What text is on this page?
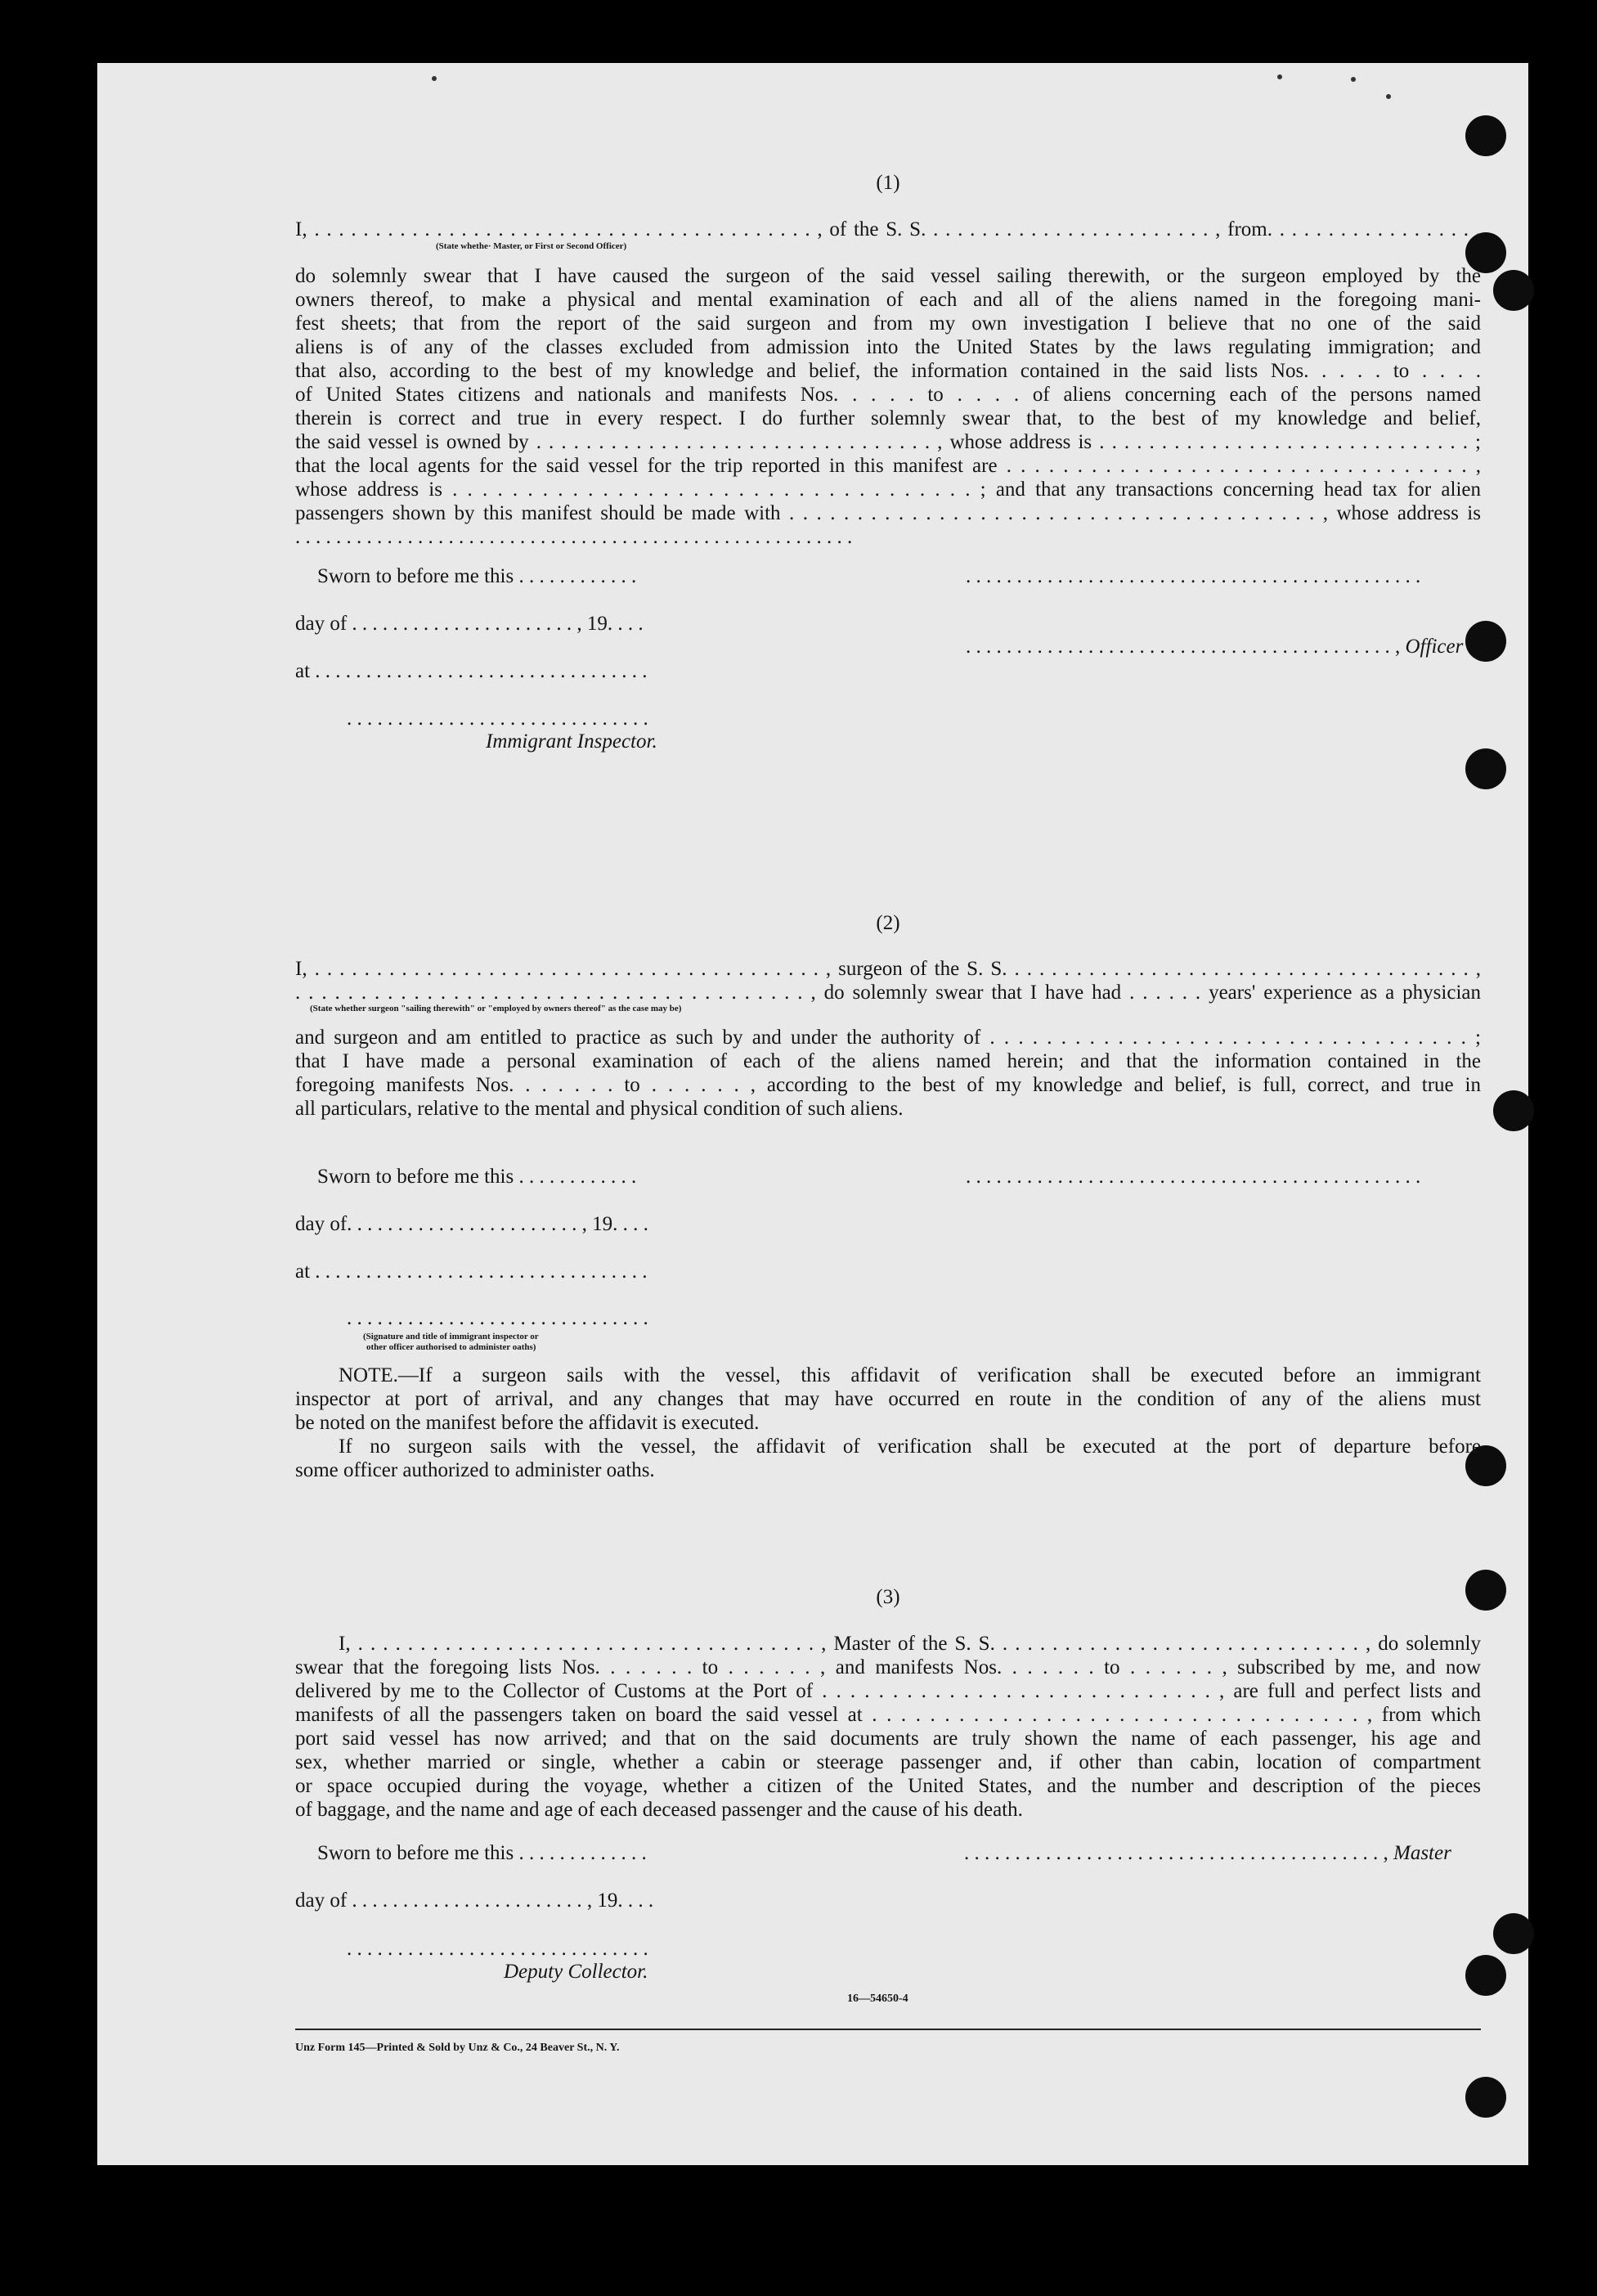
(1)
I, . . . . . . . . . . . . . . . . . . . . . . . . . . . . . . . . . . . . . . . . . , of the S. S. . . . . . . . . . . . . . . . . . . . . . . . , from. . . . . . . . . . . . . . . . . ,
(State whethe· Master, or First or Second Officer)
do solemnly swear that I have caused the surgeon of the said vessel sailing therewith, or the surgeon employed by the
owners thereof, to make a physical and mental examination of each and all of the aliens named in the foregoing mani-
fest sheets; that from the report of the said surgeon and from my own investigation I believe that no one of the said
aliens is of any of the classes excluded from admission into the United States by the laws regulating immigration; and
that also, according to the best of my knowledge and belief, the information contained in the said lists Nos. . . . . to . . . .
of United States citizens and nationals and manifests Nos. . . . . to . . . . of aliens concerning each of the persons named
therein is correct and true in every respect. I do further solemnly swear that, to the best of my knowledge and belief,
the said vessel is owned by . . . . . . . . . . . . . . . . . . . . . . . . . . . . . . . . , whose address is . . . . . . . . . . . . . . . . . . . . . . . . . . . . . . ;
that the local agents for the said vessel for the trip reported in this manifest are . . . . . . . . . . . . . . . . . . . . . . . . . . . . . . . . . ,
whose address is . . . . . . . . . . . . . . . . . . . . . . . . . . . . . . . . . . . ; and that any transactions concerning head tax for alien
passengers shown by this manifest should be made with . . . . . . . . . . . . . . . . . . . . . . . . . . . . . . . . . . . . . . . , whose address is
. . . . . . . . . . . . . . . . . . . . . . . . . . . . . . . . . . . . . . . . . . . . . . . . . . . . . . .
Sworn to before me this . . . . . . . . . . . .	. . . . . . . . . . . . . . . . . . . . . . . . . . . . . . . . . . . . . . . . . . . . .
day of . . . . . . . . . . . . . . . . . . . . . . , 19. . . .
. . . . . . . . . . . . . . . . . . . . . . . . . . . . . . . . . . . . . . . . . . , Officer
at . . . . . . . . . . . . . . . . . . . . . . . . . . . . . . . . .
. . . . . . . . . . . . . . . . . . . . . . . . . . . . . .
Immigrant Inspector.
(2)
I, . . . . . . . . . . . . . . . . . . . . . . . . . . . . . . . . . . . . . . . . . , surgeon of the S. S. . . . . . . . . . . . . . . . . . . . . . . . . . . . . . . . . . . . . . ,
. . . . . . . . . . . . . . . . . . . . . . . . . . . . . . . . . . . . . . . , do solemnly swear that I have had . . . . . . years' experience as a physician
(State whether surgeon "sailing therewith" or "employed by owners thereof" as the case may be)
and surgeon and am entitled to practice as such by and under the authority of . . . . . . . . . . . . . . . . . . . . . . . . . . . . . . . . . . ;
that I have made a personal examination of each of the aliens named herein; and that the information contained in the
foregoing manifests Nos. . . . . . . to . . . . . . , according to the best of my knowledge and belief, is full, correct, and true in
all particulars, relative to the mental and physical condition of such aliens.
Sworn to before me this . . . . . . . . . . . .	. . . . . . . . . . . . . . . . . . . . . . . . . . . . . . . . . . . . . . . . . . . . .
day of. . . . . . . . . . . . . . . . . . . . . . . , 19. . . .
at . . . . . . . . . . . . . . . . . . . . . . . . . . . . . . . . .
. . . . . . . . . . . . . . . . . . . . . . . . . . . . . .
(Signature and title of immigrant inspector or
other officer authorised to administer oaths)
NOTE.—If a surgeon sails with the vessel, this affidavit of verification shall be executed before an immigrant
inspector at port of arrival, and any changes that may have occurred en route in the condition of any of the aliens must
be noted on the manifest before the affidavit is executed.
If no surgeon sails with the vessel, the affidavit of verification shall be executed at the port of departure before
some officer authorized to administer oaths.
(3)
I, . . . . . . . . . . . . . . . . . . . . . . . . . . . . . . . . . . . . . , Master of the S. S. . . . . . . . . . . . . . . . . . . . . . . . . . . . . . , do solemnly
swear that the foregoing lists Nos. . . . . . . to . . . . . . , and manifests Nos. . . . . . . to . . . . . . , subscribed by me, and now
delivered by me to the Collector of Customs at the Port of . . . . . . . . . . . . . . . . . . . . . . . . . . . . , are full and perfect lists and
manifests of all the passengers taken on board the said vessel at . . . . . . . . . . . . . . . . . . . . . . . . . . . . . . . . . . , from which
port said vessel has now arrived; and that on the said documents are truly shown the name of each passenger, his age and
sex, whether married or single, whether a cabin or steerage passenger and, if other than cabin, location of compartment
or space occupied during the voyage, whether a citizen of the United States, and the number and description of the pieces
of baggage, and the name and age of each deceased passenger and the cause of his death.
Sworn to before me this . . . . . . . . . . . . .	. . . . . . . . . . . . . . . . . . . . . . . . . . . . . . . . . . . . . . . . . , Master
day of . . . . . . . . . . . . . . . . . . . . . . . , 19. . . .
. . . . . . . . . . . . . . . . . . . . . . . . . . . . . .
Deputy Collector.
16—54650-4
Unz Form 145—Printed & Sold by Unz & Co., 24 Beaver St., N. Y.
